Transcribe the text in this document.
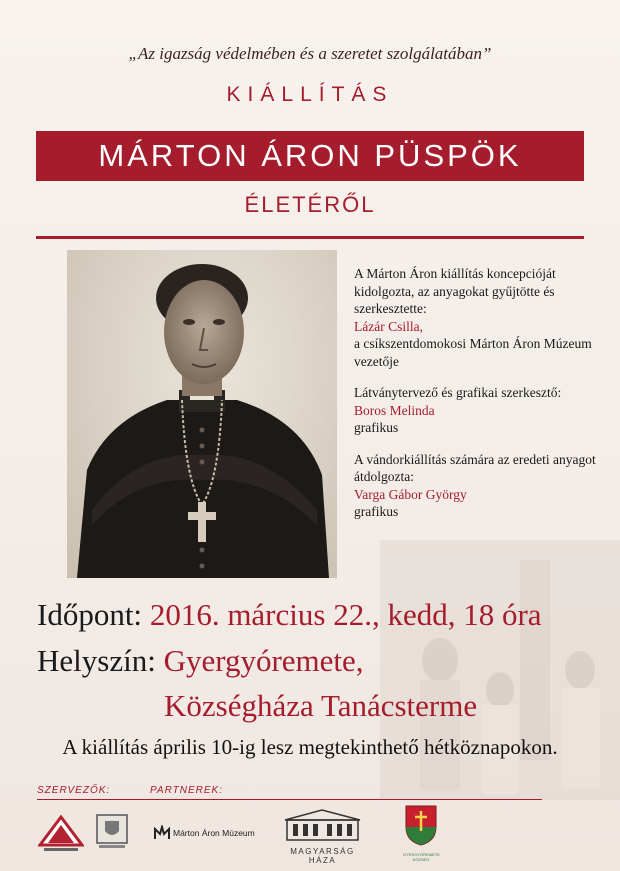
„Az igazság védelmében és a szeretet szolgálatában”
KIÁLLÍTÁS
MÁRTON ÁRON PÜSPÖK
ÉLETÉRŐL

A Márton Áron kiállítás koncepcióját kidolgozta, az anyagokat gyűjtötte és szerkesztette:
Lázár Csilla,
a csíkszentdomokosi Márton Áron Múzeum vezetője

Látványtervező és grafikai szerkesztő:
Boros Melinda
grafikus

A vándorkiállítás számára az eredeti anyagot átdolgozta:
Varga Gábor György
grafikus

Időpont: 2016. március 22., kedd, 18 óra
Helyszín: Gyergyóremete,
Községháza Tanácsterme
A kiállítás április 10-ig lesz megtekinthető hétköznapokon.
SZERVEZŐK:	PARTNEREK:
Márton Áron Múzeum
MAGYARSÁG HÁZA
GYERGYÓREMETE KÖZSÉG
